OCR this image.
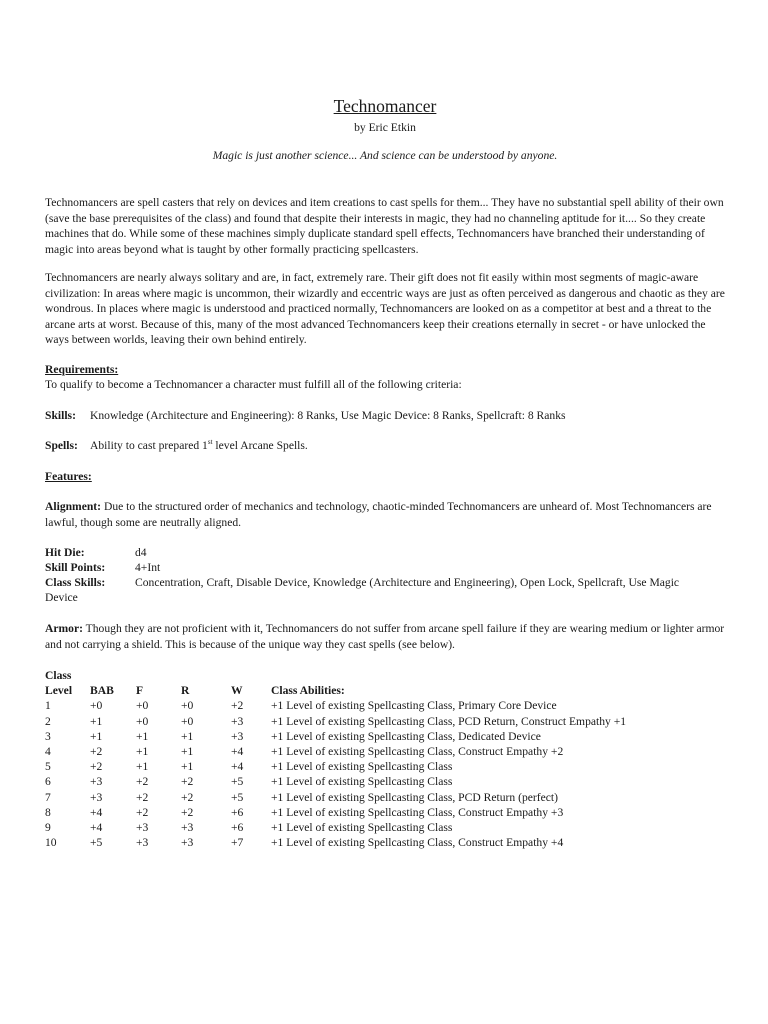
Technomancer
by Eric Etkin
Magic is just another science... And science can be understood by anyone.

Technomancers are spell casters that rely on devices and item creations to cast spells for them... They have no substantial spell ability of their own (save the base prerequisites of the class) and found that despite their interests in magic, they had no channeling aptitude for it.... So they create machines that do. While some of these machines simply duplicate standard spell effects, Technomancers have branched their understanding of magic into areas beyond what is taught by other formally practicing spellcasters.

Technomancers are nearly always solitary and are, in fact, extremely rare. Their gift does not fit easily within most segments of magic-aware civilization: In areas where magic is uncommon, their wizardly and eccentric ways are just as often perceived as dangerous and chaotic as they are wondrous. In places where magic is understood and practiced normally, Technomancers are looked on as a competitor at best and a threat to the arcane arts at worst. Because of this, many of the most advanced Technomancers keep their creations eternally in secret - or have unlocked the ways between worlds, leaving their own behind entirely.

Requirements:
To qualify to become a Technomancer a character must fulfill all of the following criteria:
Skills: Knowledge (Architecture and Engineering): 8 Ranks, Use Magic Device: 8 Ranks, Spellcraft: 8 Ranks
Spells: Ability to cast prepared 1st level Arcane Spells.
Features:

Alignment: Due to the structured order of mechanics and technology, chaotic-minded Technomancers are unheard of. Most Technomancers are lawful, though some are neutrally aligned.

Hit Die:	d4
Skill Points:	4+Int
Class Skills:	Concentration, Craft, Disable Device, Knowledge (Architecture and Engineering), Open Lock, Spellcraft, Use Magic
Device

Armor: Though they are not proficient with it, Technomancers do not suffer from arcane spell failure if they are wearing medium or lighter armor and not carrying a shield. This is because of the unique way they cast spells (see below).

Class					
Level	BAB	F	R	W	Class Abilities:
1	+0	+0	+0	+2	+1 Level of existing Spellcasting Class, Primary Core Device
2	+1	+0	+0	+3	+1 Level of existing Spellcasting Class, PCD Return, Construct Empathy +1
3	+1	+1	+1	+3	+1 Level of existing Spellcasting Class, Dedicated Device
4	+2	+1	+1	+4	+1 Level of existing Spellcasting Class, Construct Empathy +2
5	+2	+1	+1	+4	+1 Level of existing Spellcasting Class
6	+3	+2	+2	+5	+1 Level of existing Spellcasting Class
7	+3	+2	+2	+5	+1 Level of existing Spellcasting Class, PCD Return (perfect)
8	+4	+2	+2	+6	+1 Level of existing Spellcasting Class, Construct Empathy +3
9	+4	+3	+3	+6	+1 Level of existing Spellcasting Class
10	+5	+3	+3	+7	+1 Level of existing Spellcasting Class, Construct Empathy +4
